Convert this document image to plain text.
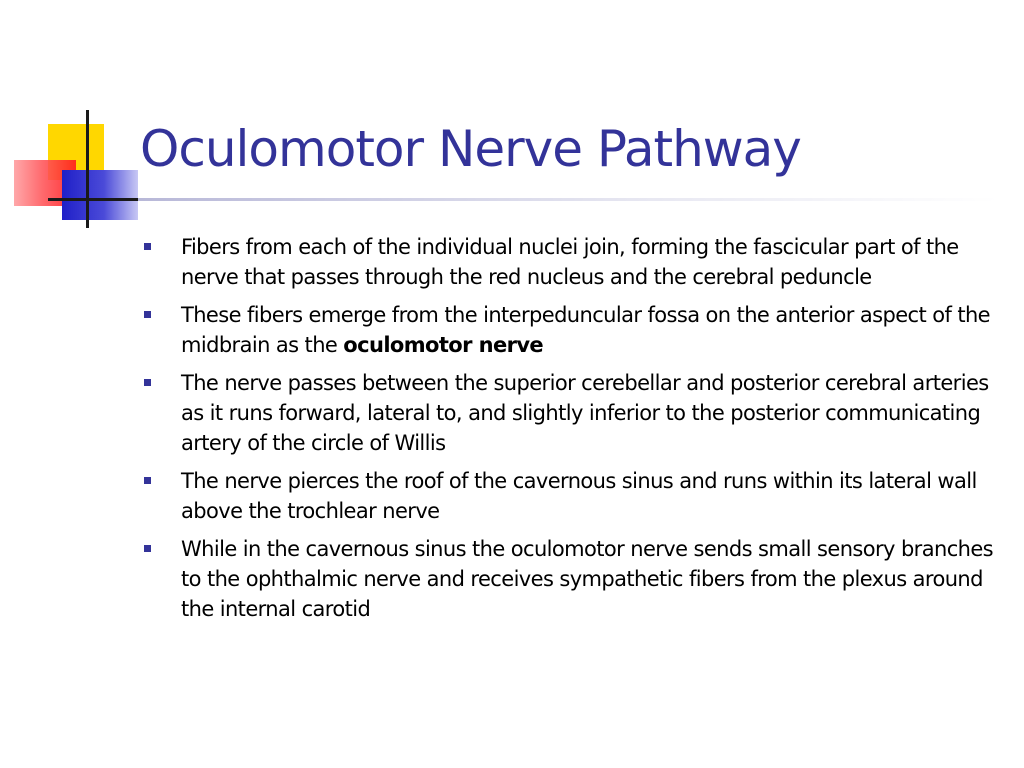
Oculomotor Nerve Pathway
Fibers from each of the individual nuclei join, forming the fascicular part of the nerve that passes through the red nucleus and the cerebral peduncle
These fibers emerge from the interpeduncular fossa on the anterior aspect of the midbrain as the oculomotor nerve
The nerve passes between the superior cerebellar and posterior cerebral arteries as it runs forward, lateral to, and slightly inferior to the posterior communicating artery of the circle of Willis
The nerve pierces the roof of the cavernous sinus and runs within its lateral wall above the trochlear nerve
While in the cavernous sinus the oculomotor nerve sends small sensory branches to the ophthalmic nerve and receives sympathetic fibers from the plexus around the internal carotid
